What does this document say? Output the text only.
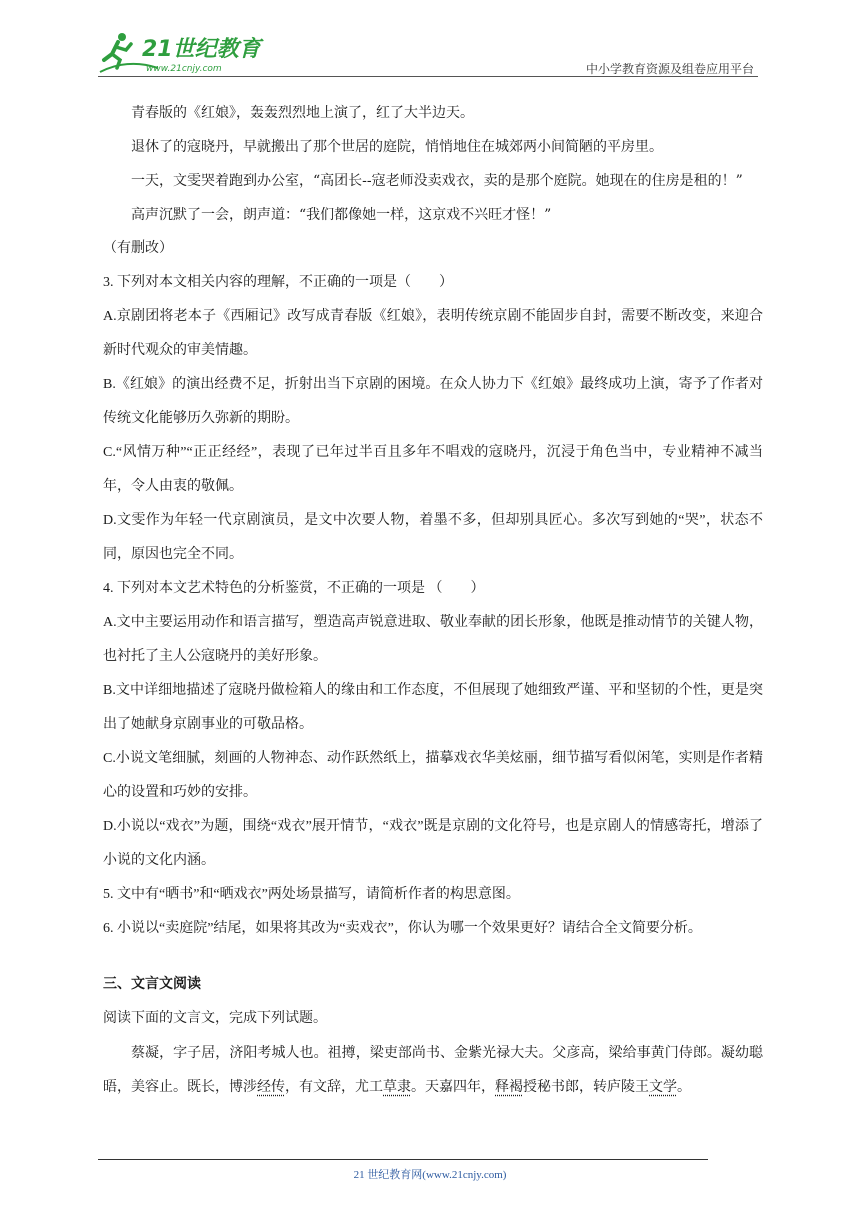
21世纪教育
www.21cnjy.com	中小学教育资源及组卷应用平台

青春版的《红娘》，轰轰烈烈地上演了，红了大半边天。

退休了的寇晓丹，早就搬出了那个世居的庭院，悄悄地住在城郊两小间简陋的平房里。

一天，文雯哭着跑到办公室，“高团长--寇老师没卖戏衣，卖的是那个庭院。她现在的住房是租的！”

高声沉默了一会，朗声道：“我们都像她一样，这京戏不兴旺才怪！”

（有删改）

3. 下列对本文相关内容的理解，不正确的一项是（　　）

A.京剧团将老本子《西厢记》改写成青春版《红娘》，表明传统京剧不能固步自封，需要不断改变，来迎合新时代观众的审美情趣。

B.《红娘》的演出经费不足，折射出当下京剧的困境。在众人协力下《红娘》最终成功上演，寄予了作者对传统文化能够历久弥新的期盼。

C.“风情万种”“正正经经”，表现了已年过半百且多年不唱戏的寇晓丹，沉浸于角色当中，专业精神不减当年，令人由衷的敬佩。

D.文雯作为年轻一代京剧演员，是文中次要人物，着墨不多，但却别具匠心。多次写到她的“哭”，状态不同，原因也完全不同。

4. 下列对本文艺术特色的分析鉴赏，不正确的一项是 （　　）

A.文中主要运用动作和语言描写，塑造高声锐意进取、敬业奉献的团长形象，他既是推动情节的关键人物，也衬托了主人公寇晓丹的美好形象。

B.文中详细地描述了寇晓丹做检箱人的缘由和工作态度，不但展现了她细致严谨、平和坚韧的个性，更是突出了她献身京剧事业的可敬品格。

C.小说文笔细腻，刻画的人物神态、动作跃然纸上，描摹戏衣华美炫丽，细节描写看似闲笔，实则是作者精心的设置和巧妙的安排。

D.小说以“戏衣”为题，围绕“戏衣”展开情节，“戏衣”既是京剧的文化符号，也是京剧人的情感寄托，增添了小说的文化内涵。

5. 文中有“晒书”和“晒戏衣”两处场景描写，请简析作者的构思意图。

6. 小说以“卖庭院”结尾，如果将其改为“卖戏衣”，你认为哪一个效果更好？请结合全文简要分析。

三、文言文阅读

阅读下面的文言文，完成下列试题。

蔡凝，字子居，济阳考城人也。祖撙，梁吏部尚书、金紫光禄大夫。父彦高，梁给事黄门侍郎。凝幼聪晤，美容止。既长，博涉经传，有文辞，尤工草隶。天嘉四年，释褐授秘书郎，转庐陵王文学。

21 世纪教育网(www.21cnjy.com)
